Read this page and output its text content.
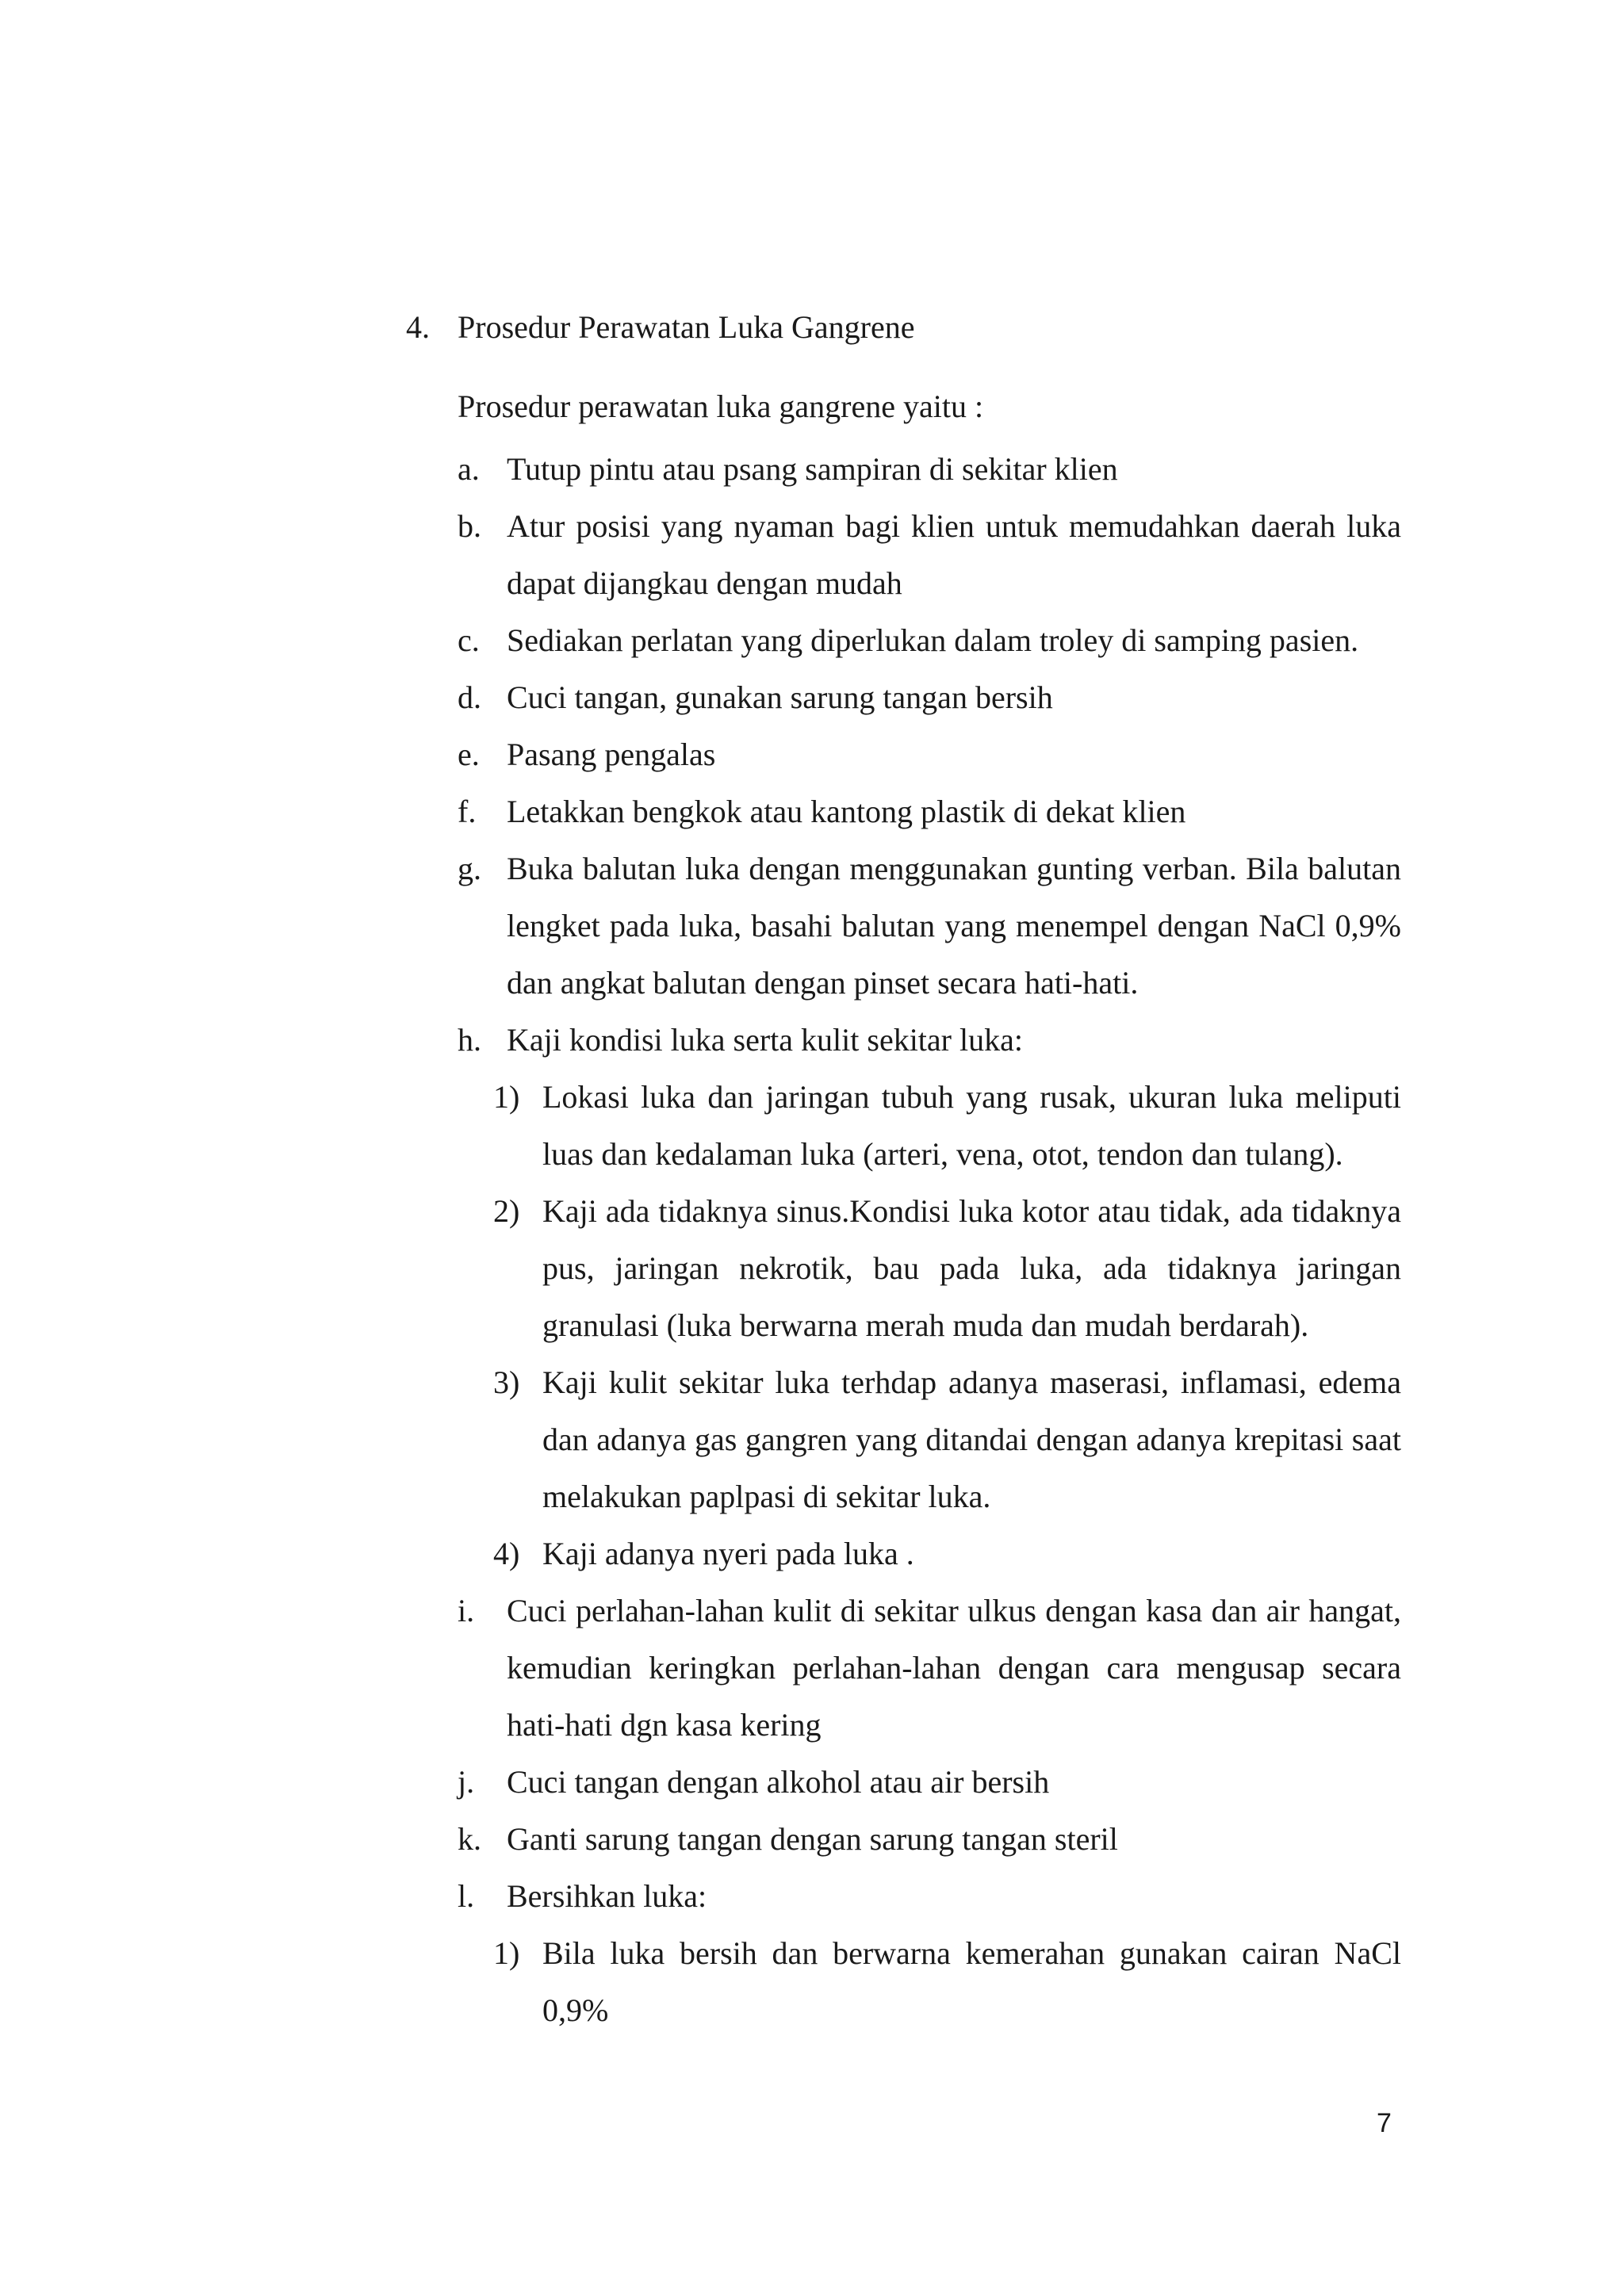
4. Prosedur Perawatan Luka Gangrene
Prosedur perawatan luka gangrene yaitu :
a. Tutup pintu atau psang sampiran di sekitar klien
b. Atur posisi yang nyaman bagi klien untuk memudahkan daerah luka dapat dijangkau dengan mudah
c. Sediakan perlatan yang diperlukan dalam troley di samping pasien.
d. Cuci tangan, gunakan sarung tangan bersih
e. Pasang pengalas
f. Letakkan bengkok atau kantong plastik di dekat klien
g. Buka balutan luka dengan menggunakan gunting verban. Bila balutan lengket pada luka, basahi balutan yang menempel dengan NaCl 0,9% dan angkat balutan dengan pinset secara hati-hati.
h. Kaji kondisi luka serta kulit sekitar luka:
1) Lokasi luka dan jaringan tubuh yang rusak, ukuran luka meliputi luas dan kedalaman luka (arteri, vena, otot, tendon dan tulang).
2) Kaji ada tidaknya sinus.Kondisi luka kotor atau tidak, ada tidaknya pus, jaringan nekrotik, bau pada luka, ada tidaknya jaringan granulasi (luka berwarna merah muda dan mudah berdarah).
3) Kaji kulit sekitar luka terhdap adanya maserasi, inflamasi, edema dan adanya gas gangren yang ditandai dengan adanya krepitasi saat melakukan paplpasi di sekitar luka.
4) Kaji adanya nyeri pada luka .
i.	Cuci perlahan-lahan kulit di sekitar ulkus dengan kasa dan air hangat, kemudian keringkan perlahan-lahan dengan cara mengusap secara hati-hati dgn kasa kering
j.	Cuci tangan dengan alkohol atau air bersih
k. Ganti sarung tangan dengan sarung tangan steril
l.	Bersihkan luka:
1) Bila luka bersih dan berwarna kemerahan gunakan cairan NaCl 0,9%
7
